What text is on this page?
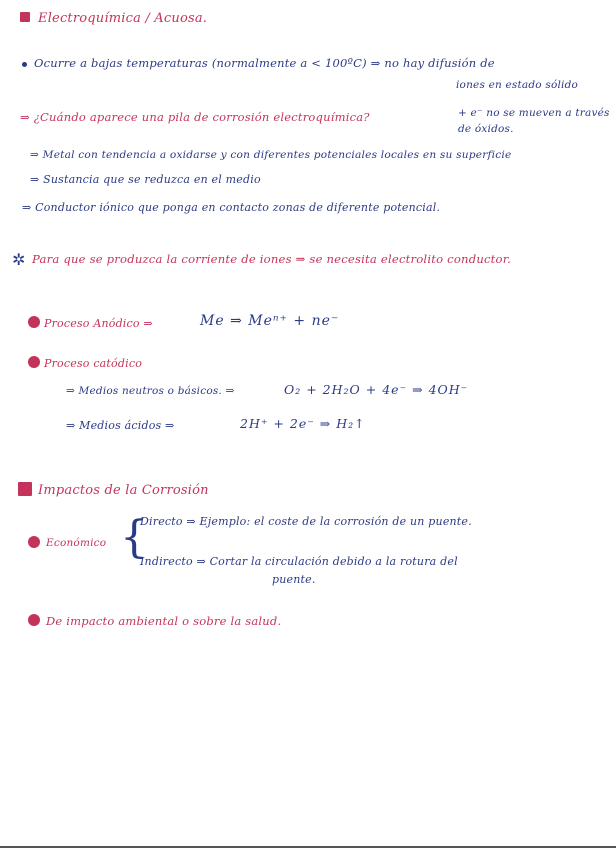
Electroquímica / Acuosa.
Ocurre a bajas temperaturas (normalmente a < 100ºC) ⇒ no hay difusión de
iones en estado sólido
⇒ ¿Cuándo aparece una pila de corrosión electroquímica?	+ e⁻ no se mueven a través
de óxidos.
⇒ Metal con tendencia a oxidarse y con diferentes potenciales locales en su superficie
⇒ Sustancia que se reduzca en el medio
⇒ Conductor iónico que ponga en contacto zonas de diferente potencial.
✲ Para que se produzca la corriente de iones ⇒ se necesita electrolito conductor.
Proceso Anódico ⇒	Me ⇒ Meⁿ⁺ + ne⁻
Proceso catódico
⇒ Medios neutros o básicos. ⇒	O₂ + 2H₂O + 4e⁻ ⇒ 4OH⁻
⇒ Medios ácidos ⇒	2H⁺ + 2e⁻ ⇒ H₂↑
Impactos de la Corrosión
Económico {
Directo ⇒ Ejemplo: el coste de la corrosión de un puente.
Indirecto ⇒ Cortar la circulación debido a la rotura del
puente.
De impacto ambiental o sobre la salud.
